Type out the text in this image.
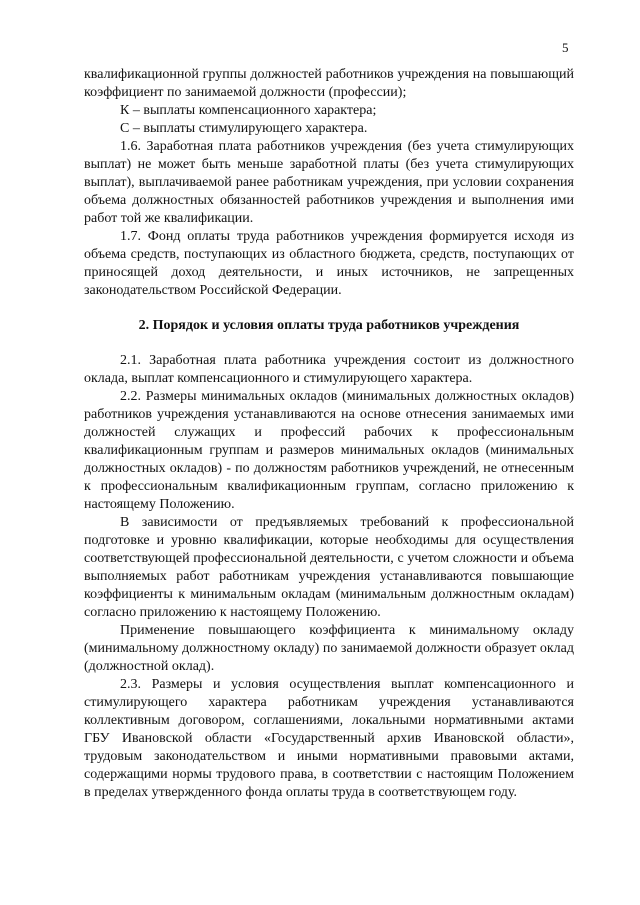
5

квалификационной группы должностей работников учреждения на повышающий коэффициент по занимаемой должности (профессии);

К – выплаты компенсационного характера;

С – выплаты стимулирующего характера.

1.6. Заработная плата работников учреждения (без учета стимулирующих выплат) не может быть меньше заработной платы (без учета стимулирующих выплат), выплачиваемой ранее работникам учреждения, при условии сохранения объема должностных обязанностей работников учреждения и выполнения ими работ той же квалификации.

1.7. Фонд оплаты труда работников учреждения формируется исходя из объема средств, поступающих из областного бюджета, средств, поступающих от приносящей доход деятельности, и иных источников, не запрещенных законодательством Российской Федерации.

2. Порядок и условия оплаты труда работников учреждения

2.1. Заработная плата работника учреждения состоит из должностного оклада, выплат компенсационного и стимулирующего характера.

2.2. Размеры минимальных окладов (минимальных должностных окладов) работников учреждения устанавливаются на основе отнесения занимаемых ими должностей служащих и профессий рабочих к профессиональным квалификационным группам и размеров минимальных окладов (минимальных должностных окладов) - по должностям работников учреждений, не отнесенным к профессиональным квалификационным группам, согласно приложению к настоящему Положению.

В зависимости от предъявляемых требований к профессиональной подготовке и уровню квалификации, которые необходимы для осуществления соответствующей профессиональной деятельности, с учетом сложности и объема выполняемых работ работникам учреждения устанавливаются повышающие коэффициенты к минимальным окладам (минимальным должностным окладам) согласно приложению к настоящему Положению.

Применение повышающего коэффициента к минимальному окладу (минимальному должностному окладу) по занимаемой должности образует оклад (должностной оклад).

2.3. Размеры и условия осуществления выплат компенсационного и стимулирующего характера работникам учреждения устанавливаются коллективным договором, соглашениями, локальными нормативными актами ГБУ Ивановской области «Государственный архив Ивановской области», трудовым законодательством и иными нормативными правовыми актами, содержащими нормы трудового права, в соответствии с настоящим Положением в пределах утвержденного фонда оплаты труда в соответствующем году.
